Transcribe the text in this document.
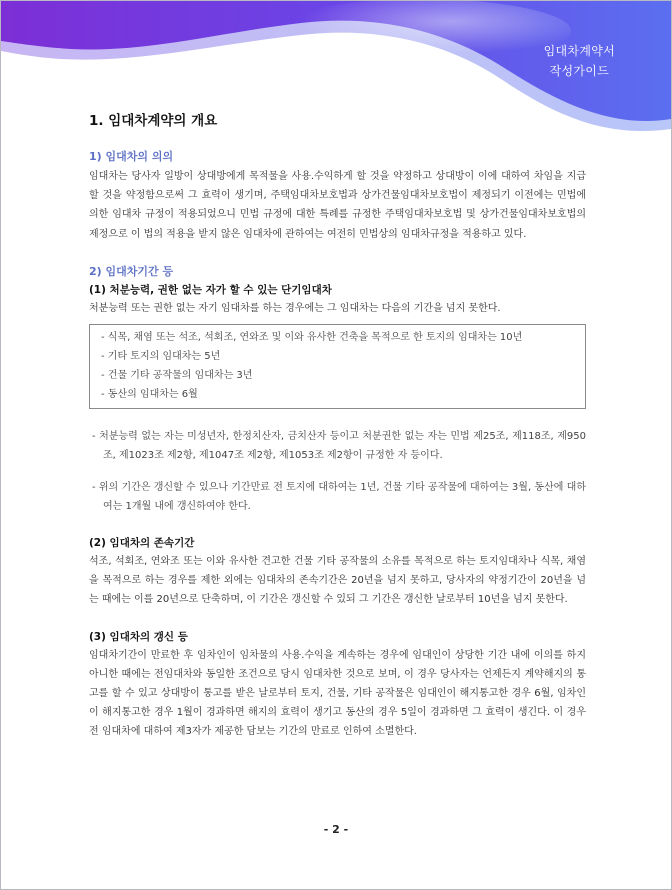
임대차계약서
작성가이드
1. 임대차계약의 개요
1) 임대차의 의의

임대차는 당사자 일방이 상대방에게 목적물을 사용.수익하게 할 것을 약정하고 상대방이 이에 대하여 차임을 지급할 것을 약정함으로써 그 효력이 생기며, 주택임대차보호법과 상가건물임대차보호법이 제정되기 이전에는 민법에 의한 임대차 규정이 적용되었으니 민법 규정에 대한 특례를 규정한 주택임대차보호법 및 상가건물임대차보호법의 제정으로 이 법의 적용을 받지 않은 임대차에 관하여는 여전히 민법상의 임대차규정을 적용하고 있다.

2) 임대차기간 등
(1) 처분능력, 권한 없는 자가 할 수 있는 단기임대차

처분능력 또는 권한 없는 자기 임대차를 하는 경우에는 그 임대차는 다음의 기간을 넘지 못한다.

- 식목, 채염 또는 석조, 석회조, 연와조 및 이와 유사한 건축을 목적으로 한 토지의 임대차는 10년
- 기타 토지의 임대차는 5년
- 건물 기타 공작물의 임대차는 3년
- 동산의 임대차는 6월
- 처분능력 없는 자는 미성년자, 한정치산자, 금치산자 등이고 처분권한 없는 자는 민법 제25조, 제118조, 제950조, 제1023조 제2항, 제1047조 제2항, 제1053조 제2항이 규정한 자 등이다.
- 위의 기간은 갱신할 수 있으나 기간만료 전 토지에 대하여는 1년, 건물 기타 공작물에 대하여는 3월, 동산에 대하여는 1개월 내에 갱신하여야 한다.
(2) 임대차의 존속기간

석조, 석회조, 연와조 또는 이와 유사한 견고한 건물 기타 공작물의 소유를 목적으로 하는 토지임대차나 식목, 채염을 목적으로 하는 경우를 제한 외에는 임대차의 존속기간은 20년을 넘지 못하고, 당사자의 약정기간이 20년을 넘는 때에는 이를 20년으로 단축하며, 이 기간은 갱신할 수 있되 그 기간은 갱신한 날로부터 10년을 넘지 못한다.

(3) 임대차의 갱신 등

임대차기간이 만료한 후 임차인이 임차물의 사용.수익을 계속하는 경우에 임대인이 상당한 기간 내에 이의를 하지 아니한 때에는 전임대차와 동일한 조건으로 당시 임대차한 것으로 보며, 이 경우 당사자는 언제든지 계약해지의 통고를 할 수 있고 상대방이 통고를 받은 날로부터 토지, 건물, 기타 공작물은 임대인이 해지통고한 경우 6월, 임차인이 해지통고한 경우 1월이 경과하면 해지의 효력이 생기고 동산의 경우 5일이 경과하면 그 효력이 생긴다. 이 경우 전 임대차에 대하여 제3자가 제공한 담보는 기간의 만료로 인하여 소멸한다.

- 2 -
